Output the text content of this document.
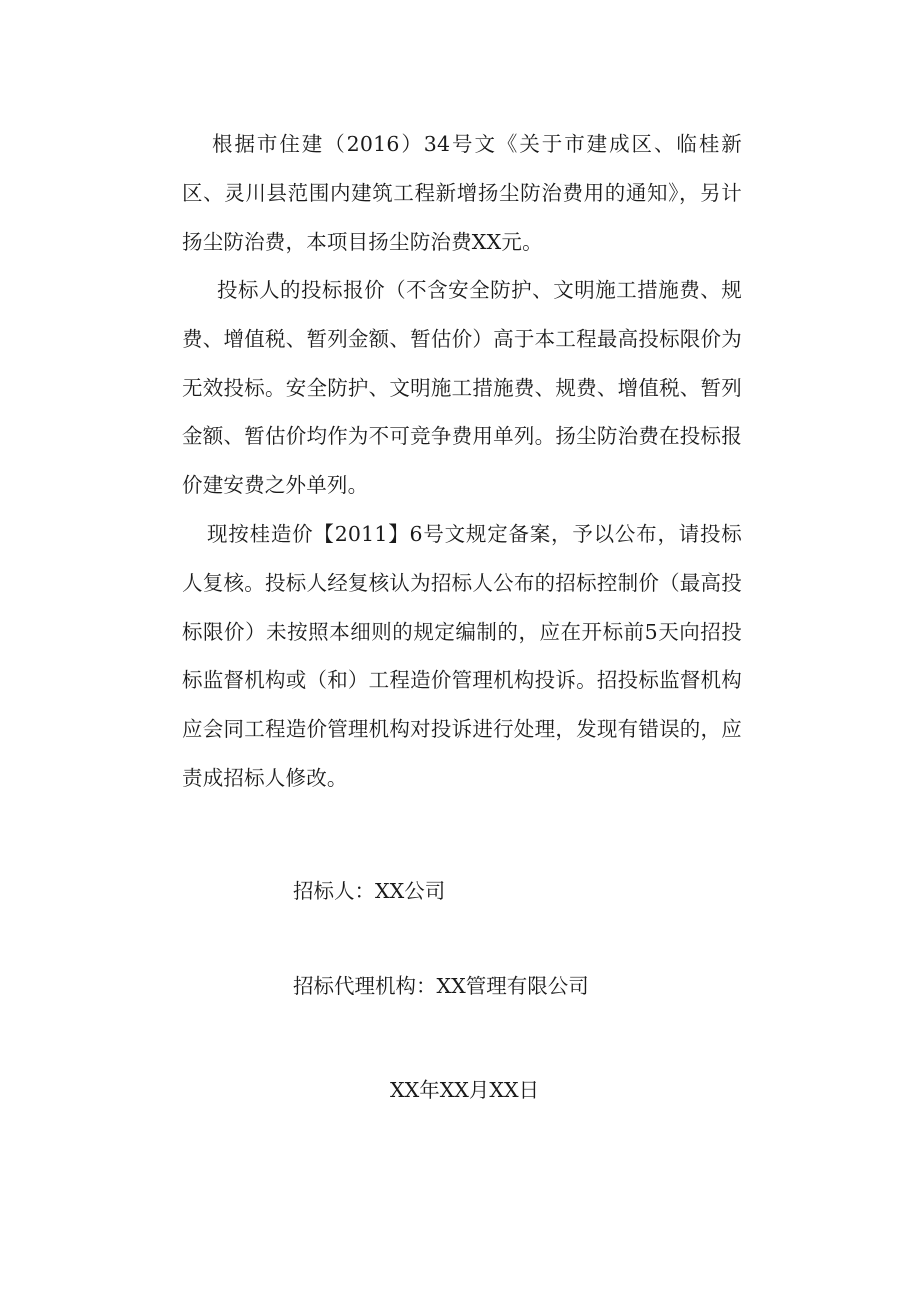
根据市住建（2016）34号文《关于市建成区、临桂新区、灵川县范围内建筑工程新增扬尘防治费用的通知》，另计扬尘防治费，本项目扬尘防治费XX元。

投标人的投标报价（不含安全防护、文明施工措施费、规费、增值税、暂列金额、暂估价）高于本工程最高投标限价为无效投标。安全防护、文明施工措施费、规费、增值税、暂列金额、暂估价均作为不可竞争费用单列。扬尘防治费在投标报价建安费之外单列。

现按桂造价【2011】6号文规定备案，予以公布，请投标人复核。投标人经复核认为招标人公布的招标控制价（最高投标限价）未按照本细则的规定编制的，应在开标前5天向招投标监督机构或（和）工程造价管理机构投诉。招投标监督机构应会同工程造价管理机构对投诉进行处理，发现有错误的，应责成招标人修改。

招标人：XX公司

招标代理机构：XX管理有限公司

XX年XX月XX日
